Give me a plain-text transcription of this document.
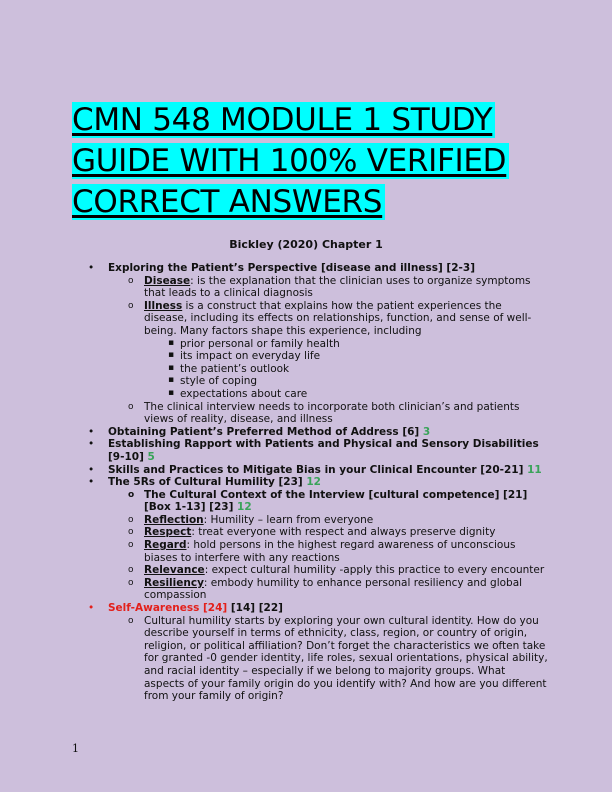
CMN 548 MODULE 1 STUDY
GUIDE WITH 100% VERIFIED
CORRECT ANSWERS
Bickley (2020) Chapter 1
• Exploring the Patient’s Perspective [disease and illness] [2-3]
o Disease: is the explanation that the clinician uses to organize symptoms that leads to a clinical diagnosis
o Illness is a construct that explains how the patient experiences the disease, including its effects on relationships, function, and sense of well-being. Many factors shape this experience, including
▪ prior personal or family health
▪ its impact on everyday life
▪ the patient’s outlook
▪ style of coping
▪ expectations about care
o The clinical interview needs to incorporate both clinician’s and patients views of reality, disease, and illness
• Obtaining Patient’s Preferred Method of Address [6] 3
• Establishing Rapport with Patients and Physical and Sensory Disabilities [9-10] 5
• Skills and Practices to Mitigate Bias in your Clinical Encounter [20-21] 11
• The 5Rs of Cultural Humility [23] 12
o The Cultural Context of the Interview [cultural competence] [21] [Box 1-13] [23] 12
o Reflection: Humility – learn from everyone
o Respect: treat everyone with respect and always preserve dignity
o Regard: hold persons in the highest regard awareness of unconscious biases to interfere with any reactions
o Relevance: expect cultural humility -apply this practice to every encounter
o Resiliency: embody humility to enhance personal resiliency and global compassion
• Self-Awareness [24] [14] [22]
o Cultural humility starts by exploring your own cultural identity. How do you describe yourself in terms of ethnicity, class, region, or country of origin, religion, or political affiliation? Don’t forget the characteristics we often take for granted -0 gender identity, life roles, sexual orientations, physical ability, and racial identity – especially if we belong to majority groups. What aspects of your family origin do you identify with? And how are you different from your family of origin?
1
